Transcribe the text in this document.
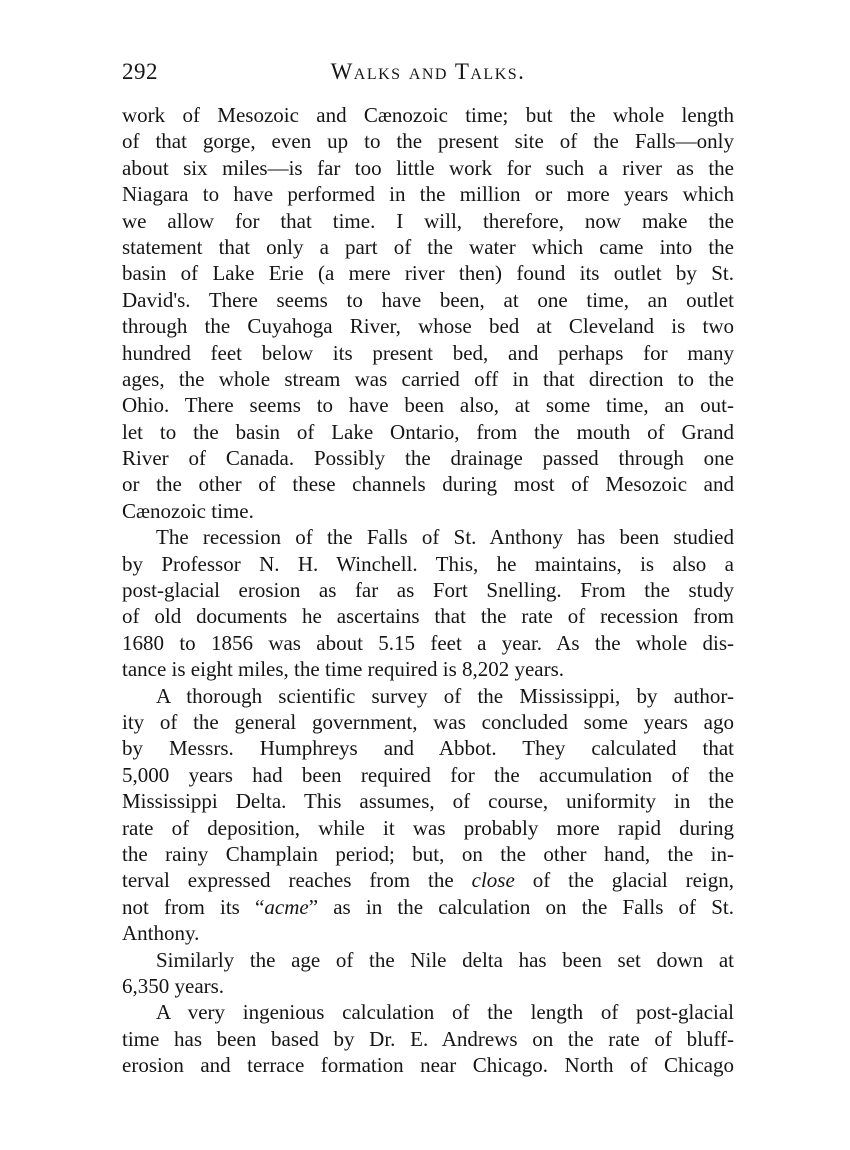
292	Walks and Talks.
work of Mesozoic and Cænozoic time; but the whole length
of that gorge, even up to the present site of the Falls—only
about six miles—is far too little work for such a river as the
Niagara to have performed in the million or more years which
we allow for that time. I will, therefore, now make the
statement that only a part of the water which came into the
basin of Lake Erie (a mere river then) found its outlet by St.
David's. There seems to have been, at one time, an outlet
through the Cuyahoga River, whose bed at Cleveland is two
hundred feet below its present bed, and perhaps for many
ages, the whole stream was carried off in that direction to the
Ohio. There seems to have been also, at some time, an out-
let to the basin of Lake Ontario, from the mouth of Grand
River of Canada. Possibly the drainage passed through one
or the other of these channels during most of Mesozoic and
Cænozoic time.
The recession of the Falls of St. Anthony has been studied
by Professor N. H. Winchell. This, he maintains, is also a
post-glacial erosion as far as Fort Snelling. From the study
of old documents he ascertains that the rate of recession from
1680 to 1856 was about 5.15 feet a year. As the whole dis-
tance is eight miles, the time required is 8,202 years.
A thorough scientific survey of the Mississippi, by author-
ity of the general government, was concluded some years ago
by Messrs. Humphreys and Abbot. They calculated that
5,000 years had been required for the accumulation of the
Mississippi Delta. This assumes, of course, uniformity in the
rate of deposition, while it was probably more rapid during
the rainy Champlain period; but, on the other hand, the in-
terval expressed reaches from the close of the glacial reign,
not from its “acme” as in the calculation on the Falls of St.
Anthony.
Similarly the age of the Nile delta has been set down at
6,350 years.
A very ingenious calculation of the length of post-glacial
time has been based by Dr. E. Andrews on the rate of bluff-
erosion and terrace formation near Chicago. North of Chicago
